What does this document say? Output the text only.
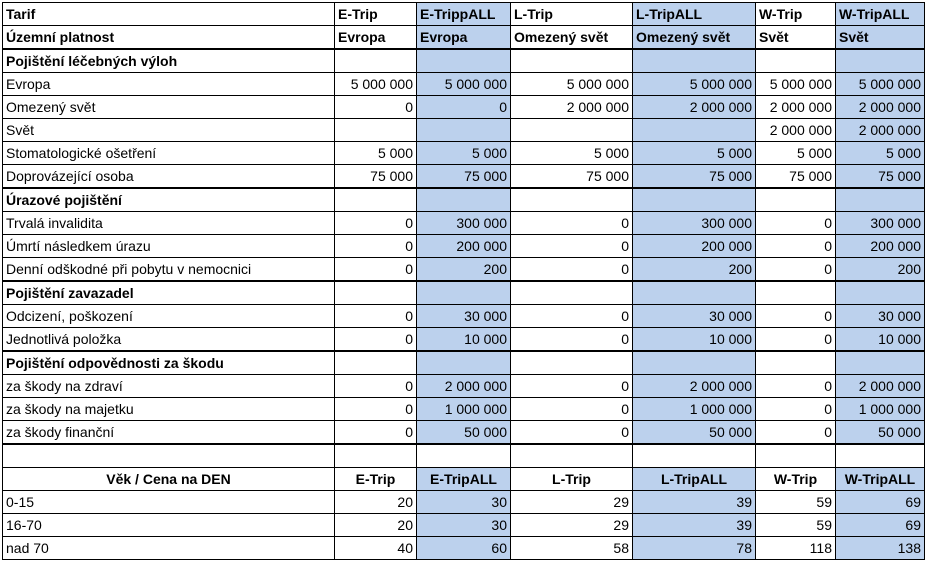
Tarif	E-Trip	E-TrippALL	L-Trip	L-TripALL	W-Trip	W-TripALL
Územní platnost	Evropa	Evropa	Omezený svět	Omezený svět	Svět	Svět
Pojištění léčebných výloh						
Evropa	5 000 000	5 000 000	5 000 000	5 000 000	5 000 000	5 000 000
Omezený svět	0	0	2 000 000	2 000 000	2 000 000	2 000 000
Svět					2 000 000	2 000 000
Stomatologické ošetření	5 000	5 000	5 000	5 000	5 000	5 000
Doprovázející osoba	75 000	75 000	75 000	75 000	75 000	75 000
Úrazové pojištění						
Trvalá invalidita	0	300 000	0	300 000	0	300 000
Úmrtí následkem úrazu	0	200 000	0	200 000	0	200 000
Denní odškodné při pobytu v nemocnici	0	200	0	200	0	200
Pojištění zavazadel						
Odcizení, poškození	0	30 000	0	30 000	0	30 000
Jednotlivá položka	0	10 000	0	10 000	0	10 000
Pojištění odpovědnosti za škodu						
za škody na zdraví	0	2 000 000	0	2 000 000	0	2 000 000
za škody na majetku	0	1 000 000	0	1 000 000	0	1 000 000
za škody finanční	0	50 000	0	50 000	0	50 000

Věk / Cena na DEN	E-Trip	E-TripALL	L-Trip	L-TripALL	W-Trip	W-TripALL
0-15	20	30	29	39	59	69
16-70	20	30	29	39	59	69
nad 70	40	60	58	78	118	138
